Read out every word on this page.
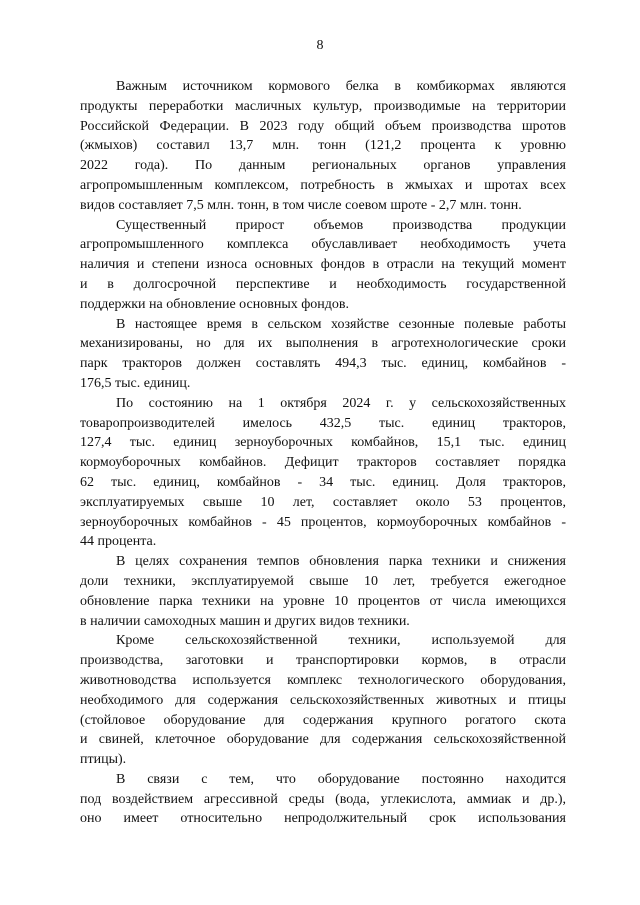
8
Важным источником кормового белка в комбикормах являются
продукты переработки масличных культур, производимые на территории
Российской Федерации. В 2023 году общий объем производства шротов
(жмыхов) составил 13,7 млн. тонн (121,2 процента к уровню
2022 года). По данным региональных органов управления
агропромышленным комплексом, потребность в жмыхах и шротах всех
видов составляет 7,5 млн. тонн, в том числе соевом шроте - 2,7 млн. тонн.
Существенный прирост объемов производства продукции
агропромышленного комплекса обуславливает необходимость учета
наличия и степени износа основных фондов в отрасли на текущий момент
и в долгосрочной перспективе и необходимость государственной
поддержки на обновление основных фондов.
В настоящее время в сельском хозяйстве сезонные полевые работы
механизированы, но для их выполнения в агротехнологические сроки
парк тракторов должен составлять 494,3 тыс. единиц, комбайнов -
176,5 тыс. единиц.
По состоянию на 1 октября 2024 г. у сельскохозяйственных
товаропроизводителей имелось 432,5 тыс. единиц тракторов,
127,4 тыс. единиц зерноуборочных комбайнов, 15,1 тыс. единиц
кормоуборочных комбайнов. Дефицит тракторов составляет порядка
62 тыс. единиц, комбайнов - 34 тыс. единиц. Доля тракторов,
эксплуатируемых свыше 10 лет, составляет около 53 процентов,
зерноуборочных комбайнов - 45 процентов, кормоуборочных комбайнов -
44 процента.
В целях сохранения темпов обновления парка техники и снижения
доли техники, эксплуатируемой свыше 10 лет, требуется ежегодное
обновление парка техники на уровне 10 процентов от числа имеющихся
в наличии самоходных машин и других видов техники.
Кроме сельскохозяйственной техники, используемой для
производства, заготовки и транспортировки кормов, в отрасли
животноводства используется комплекс технологического оборудования,
необходимого для содержания сельскохозяйственных животных и птицы
(стойловое оборудование для содержания крупного рогатого скота
и свиней, клеточное оборудование для содержания сельскохозяйственной
птицы).
В связи с тем, что оборудование постоянно находится
под воздействием агрессивной среды (вода, углекислота, аммиак и др.),
оно имеет относительно непродолжительный срок использования
